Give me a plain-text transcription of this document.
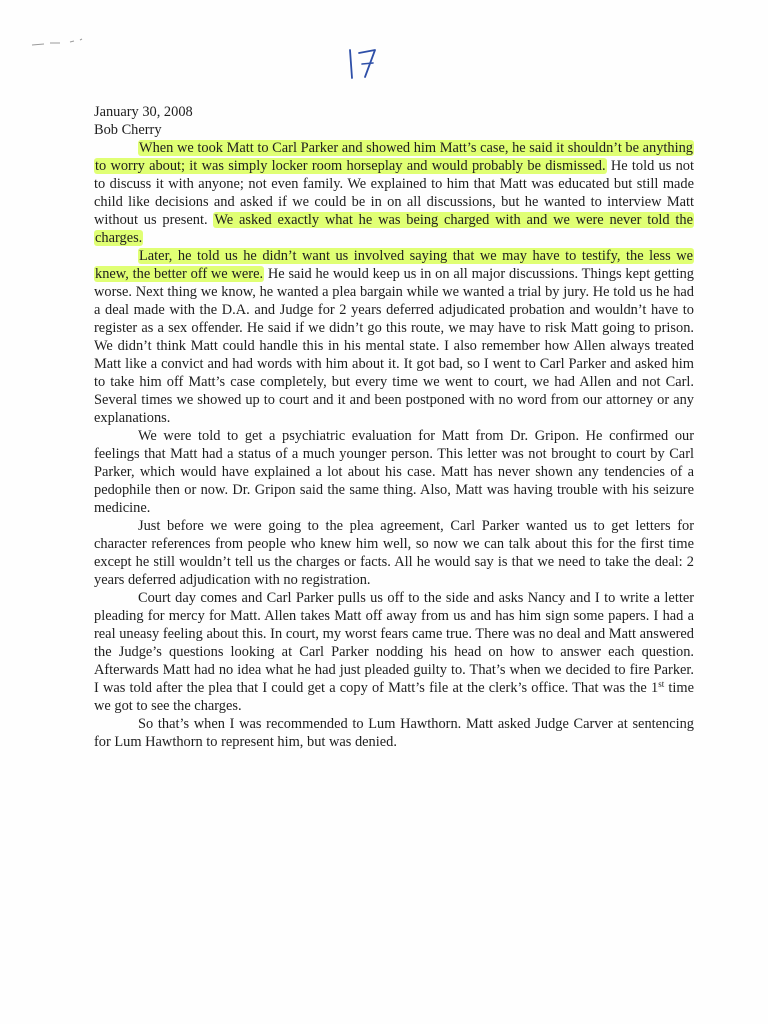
January 30, 2008
Bob Cherry

When we took Matt to Carl Parker and showed him Matt’s case, he said it shouldn’t be anything to worry about; it was simply locker room horseplay and would probably be dismissed. He told us not to discuss it with anyone; not even family. We explained to him that Matt was educated but still made child like decisions and asked if we could be in on all discussions, but he wanted to interview Matt without us present. We asked exactly what he was being charged with and we were never told the charges.

Later, he told us he didn’t want us involved saying that we may have to testify, the less we knew, the better off we were. He said he would keep us in on all major discussions. Things kept getting worse. Next thing we know, he wanted a plea bargain while we wanted a trial by jury. He told us he had a deal made with the D.A. and Judge for 2 years deferred adjudicated probation and wouldn’t have to register as a sex offender. He said if we didn’t go this route, we may have to risk Matt going to prison. We didn’t think Matt could handle this in his mental state. I also remember how Allen always treated Matt like a convict and had words with him about it. It got bad, so I went to Carl Parker and asked him to take him off Matt’s case completely, but every time we went to court, we had Allen and not Carl. Several times we showed up to court and it and been postponed with no word from our attorney or any explanations.

We were told to get a psychiatric evaluation for Matt from Dr. Gripon. He confirmed our feelings that Matt had a status of a much younger person. This letter was not brought to court by Carl Parker, which would have explained a lot about his case. Matt has never shown any tendencies of a pedophile then or now. Dr. Gripon said the same thing. Also, Matt was having trouble with his seizure medicine.

Just before we were going to the plea agreement, Carl Parker wanted us to get letters for character references from people who knew him well, so now we can talk about this for the first time except he still wouldn’t tell us the charges or facts. All he would say is that we need to take the deal: 2 years deferred adjudication with no registration.

Court day comes and Carl Parker pulls us off to the side and asks Nancy and I to write a letter pleading for mercy for Matt. Allen takes Matt off away from us and has him sign some papers. I had a real uneasy feeling about this. In court, my worst fears came true. There was no deal and Matt answered the Judge’s questions looking at Carl Parker nodding his head on how to answer each question. Afterwards Matt had no idea what he had just pleaded guilty to. That’s when we decided to fire Parker. I was told after the plea that I could get a copy of Matt’s file at the clerk’s office. That was the 1st time we got to see the charges.

So that’s when I was recommended to Lum Hawthorn. Matt asked Judge Carver at sentencing for Lum Hawthorn to represent him, but was denied.
